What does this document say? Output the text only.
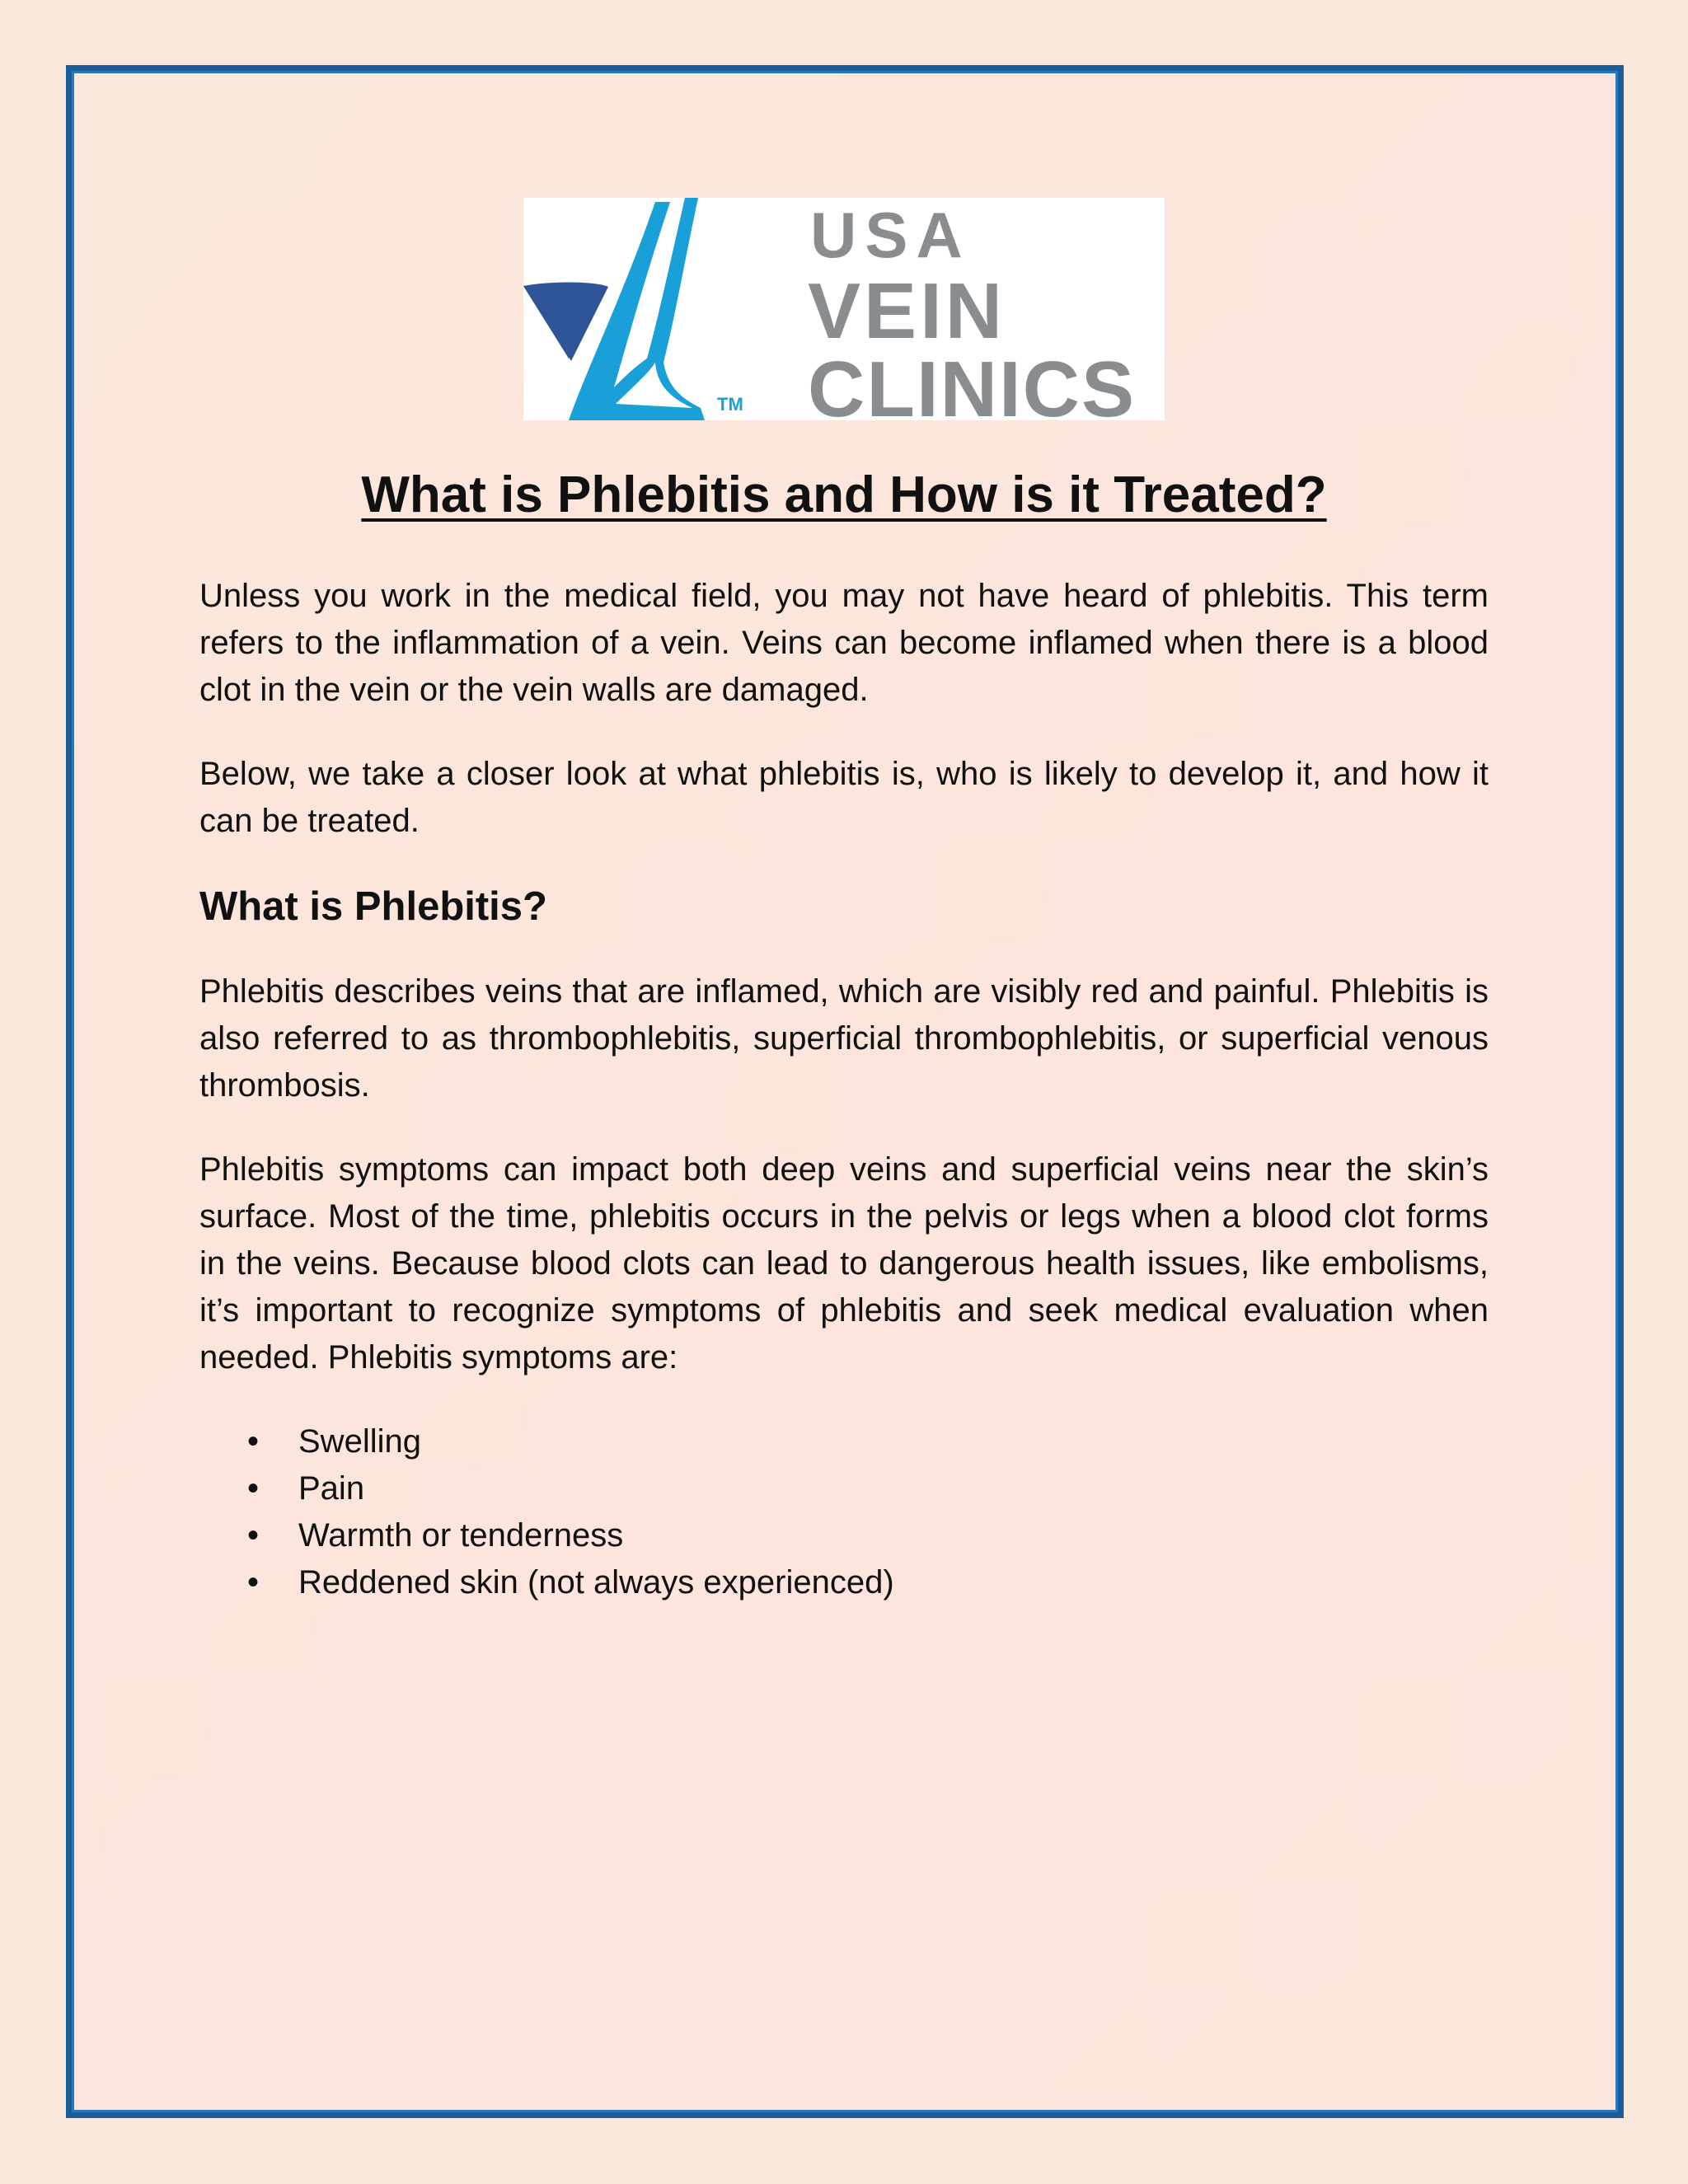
TM
USA
VEIN
CLINICS
What is Phlebitis and How is it Treated?

Unless you work in the medical field, you may not have heard of phlebitis. This term refers to the inflammation of a vein. Veins can become inflamed when there is a blood clot in the vein or the vein walls are damaged.

Below, we take a closer look at what phlebitis is, who is likely to develop it, and how it can be treated.

What is Phlebitis?

Phlebitis describes veins that are inflamed, which are visibly red and painful. Phlebitis is also referred to as thrombophlebitis, superficial thrombophlebitis, or superficial venous thrombosis.

Phlebitis symptoms can impact both deep veins and superficial veins near the skin’s surface. Most of the time, phlebitis occurs in the pelvis or legs when a blood clot forms in the veins. Because blood clots can lead to dangerous health issues, like embolisms, it’s important to recognize symptoms of phlebitis and seek medical evaluation when needed. Phlebitis symptoms are:

• Swelling
• Pain
• Warmth or tenderness
• Reddened skin (not always experienced)
